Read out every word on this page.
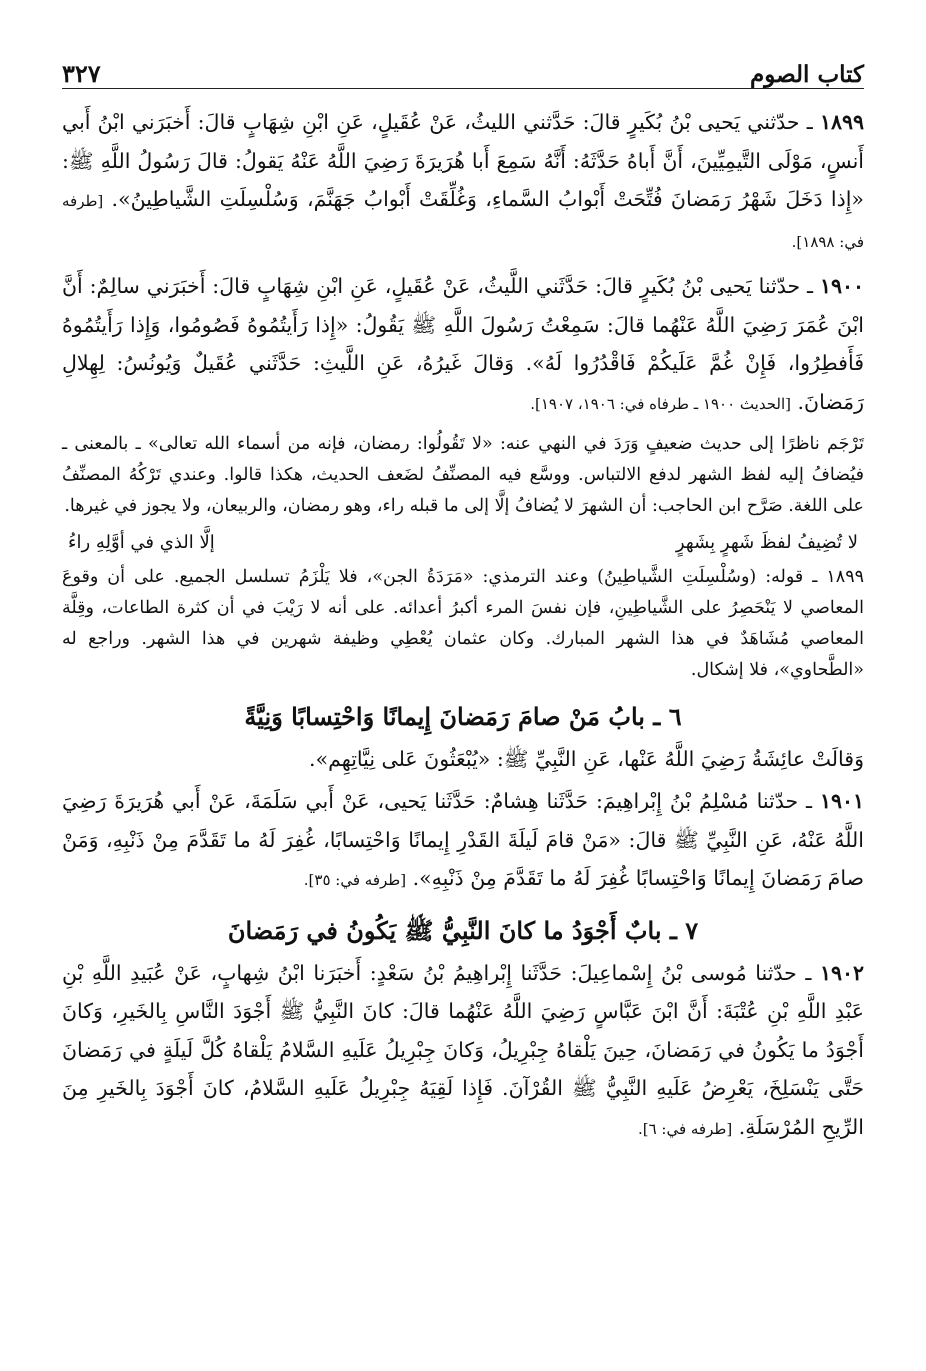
كتاب الصوم
٣٢٧

١٨٩٩ ـ حدّثني يَحيى بْنُ بُكَيرٍ قالَ: حَدَّثني الليثُ، عَنْ عُقَيلٍ، عَنِ ابْنِ شِهَابٍ قالَ: أَخبَرَني ابْنُ أَبي أَنسٍ، مَوْلَى التَّيمِيِّينَ، أَنَّ أَباهُ حَدَّثَهُ: أَنَّهُ سَمِعَ أَبا هُرَيرَةَ رَضِيَ اللَّهُ عَنْهُ يَقولُ: قالَ رَسُولُ اللَّهِ ﷺ: «إِذا دَخَلَ شَهْرُ رَمَضانَ فُتِّحَتْ أَبْوابُ السَّماءِ، وَغُلِّقَتْ أَبْوابُ جَهَنَّمَ، وَسُلْسِلَتِ الشَّياطِينُ». [طرفه في: ١٨٩٨].

١٩٠٠ ـ حدّثنا يَحيى بْنُ بُكَيرٍ قالَ: حَدَّثَني اللَّيثُ، عَنْ عُقَيلٍ، عَنِ ابْنِ شِهَابٍ قالَ: أَخبَرَني سالِمٌ: أَنَّ ابْنَ عُمَرَ رَضِيَ اللَّهُ عَنْهُما قالَ: سَمِعْتُ رَسُولَ اللَّهِ ﷺ يَقُولُ: «إِذا رَأَيتُمُوهُ فَصُومُوا، وَإِذا رَأَيتُمُوهُ فَأَفطِرُوا، فَإِنْ غُمَّ عَلَيكُمْ فَاقْدُرُوا لَهُ». وَقالَ غَيرُهُ، عَنِ اللَّيثِ: حَدَّثَني عُقَيلٌ وَيُونُسُ: لِهِلالِ رَمَضانَ. [الحديث ١٩٠٠ ـ طرفاه في: ١٩٠٦، ١٩٠٧].

تَرْجَم ناظرًا إلى حديث ضعيفٍ وَرَدَ في النهي عنه: «لا تَقُولُوا: رمضان، فإنه من أسماء الله تعالى» ـ بالمعنى ـ فيُضافُ إليه لفظ الشهر لدفع الالتباس. ووسَّع فيه المصنِّفُ لضَعف الحديث، هكذا قالوا. وعندي تَرْكُهُ المصنِّفُ على اللغة. صَرَّح ابن الحاجب: أن الشهرَ لا يُضافُ إلَّا إلى ما قبله راء، وهو رمضان، والربيعان، ولا يجوز في غيرها.

لا تُضِيفُ لفظَ شَهرٍ بِشَهرٍ
إلَّا الذي في أوَّلِهِ راءُ

١٨٩٩ ـ قوله: (وسُلْسِلَتِ الشَّياطِينُ) وعند الترمذي: «مَرَدَةُ الجن»، فلا يَلْزَمُ تسلسل الجميع. على أن وقوعَ المعاصي لا يَنْحَصِرُ على الشَّياطِينِ، فإن نفسَ المرء أكبرُ أعدائه. على أنه لا رَيْبَ في أن كثرة الطاعات، وقِلَّة المعاصي مُشَاهَدٌ في هذا الشهر المبارك. وكان عثمان يُعْطِي وظيفة شهرين في هذا الشهر. وراجع له «الطَّحاوي»، فلا إشكال.

٦ ـ بابُ مَنْ صامَ رَمَضانَ إِيمانًا وَاحْتِسابًا وَنِيَّةً

وَقالَتْ عائِشَةُ رَضِيَ اللَّهُ عَنْها، عَنِ النَّبِيِّ ﷺ: «يُبْعَثُونَ عَلى نِيَّاتِهِم».

١٩٠١ ـ حدّثنا مُسْلِمُ بْنُ إِبْراهِيمَ: حَدَّثَنا هِشامٌ: حَدَّثَنا يَحيى، عَنْ أَبي سَلَمَةَ، عَنْ أَبي هُرَيرَةَ رَضِيَ اللَّهُ عَنْهُ، عَنِ النَّبِيِّ ﷺ قالَ: «مَنْ قامَ لَيلَةَ القَدْرِ إِيمانًا وَاحْتِسابًا، غُفِرَ لَهُ ما تَقَدَّمَ مِنْ ذَنْبِهِ، وَمَنْ صامَ رَمَضانَ إِيمانًا وَاحْتِسابًا غُفِرَ لَهُ ما تَقَدَّمَ مِنْ ذَنْبِهِ». [طرفه في: ٣٥].

٧ ـ بابٌ أَجْوَدُ ما كانَ النَّبِيُّ ﷺ يَكُونُ في رَمَضانَ

١٩٠٢ ـ حدّثنا مُوسى بْنُ إِسْماعِيلَ: حَدَّثَنا إِبْراهِيمُ بْنُ سَعْدٍ: أَخبَرَنا ابْنُ شِهابٍ، عَنْ عُبَيدِ اللَّهِ بْنِ عَبْدِ اللَّهِ بْنِ عُتْبَةَ: أَنَّ ابْنَ عَبَّاسٍ رَضِيَ اللَّهُ عَنْهُما قالَ: كانَ النَّبِيُّ ﷺ أَجْوَدَ النَّاسِ بِالخَيرِ، وَكانَ أَجْوَدُ ما يَكُونُ في رَمَضانَ، حِينَ يَلْقاهُ جِبْرِيلُ، وَكانَ جِبْرِيلُ عَلَيهِ السَّلامُ يَلْقاهُ كُلَّ لَيلَةٍ في رَمَضانَ حَتَّى يَنْسَلِخَ، يَعْرِضُ عَلَيهِ النَّبِيُّ ﷺ القُرْآنَ. فَإِذا لَقِيَهُ جِبْرِيلُ عَلَيهِ السَّلامُ، كانَ أَجْوَدَ بِالخَيرِ مِنَ الرِّيحِ المُرْسَلَةِ. [طرفه في: ٦].
